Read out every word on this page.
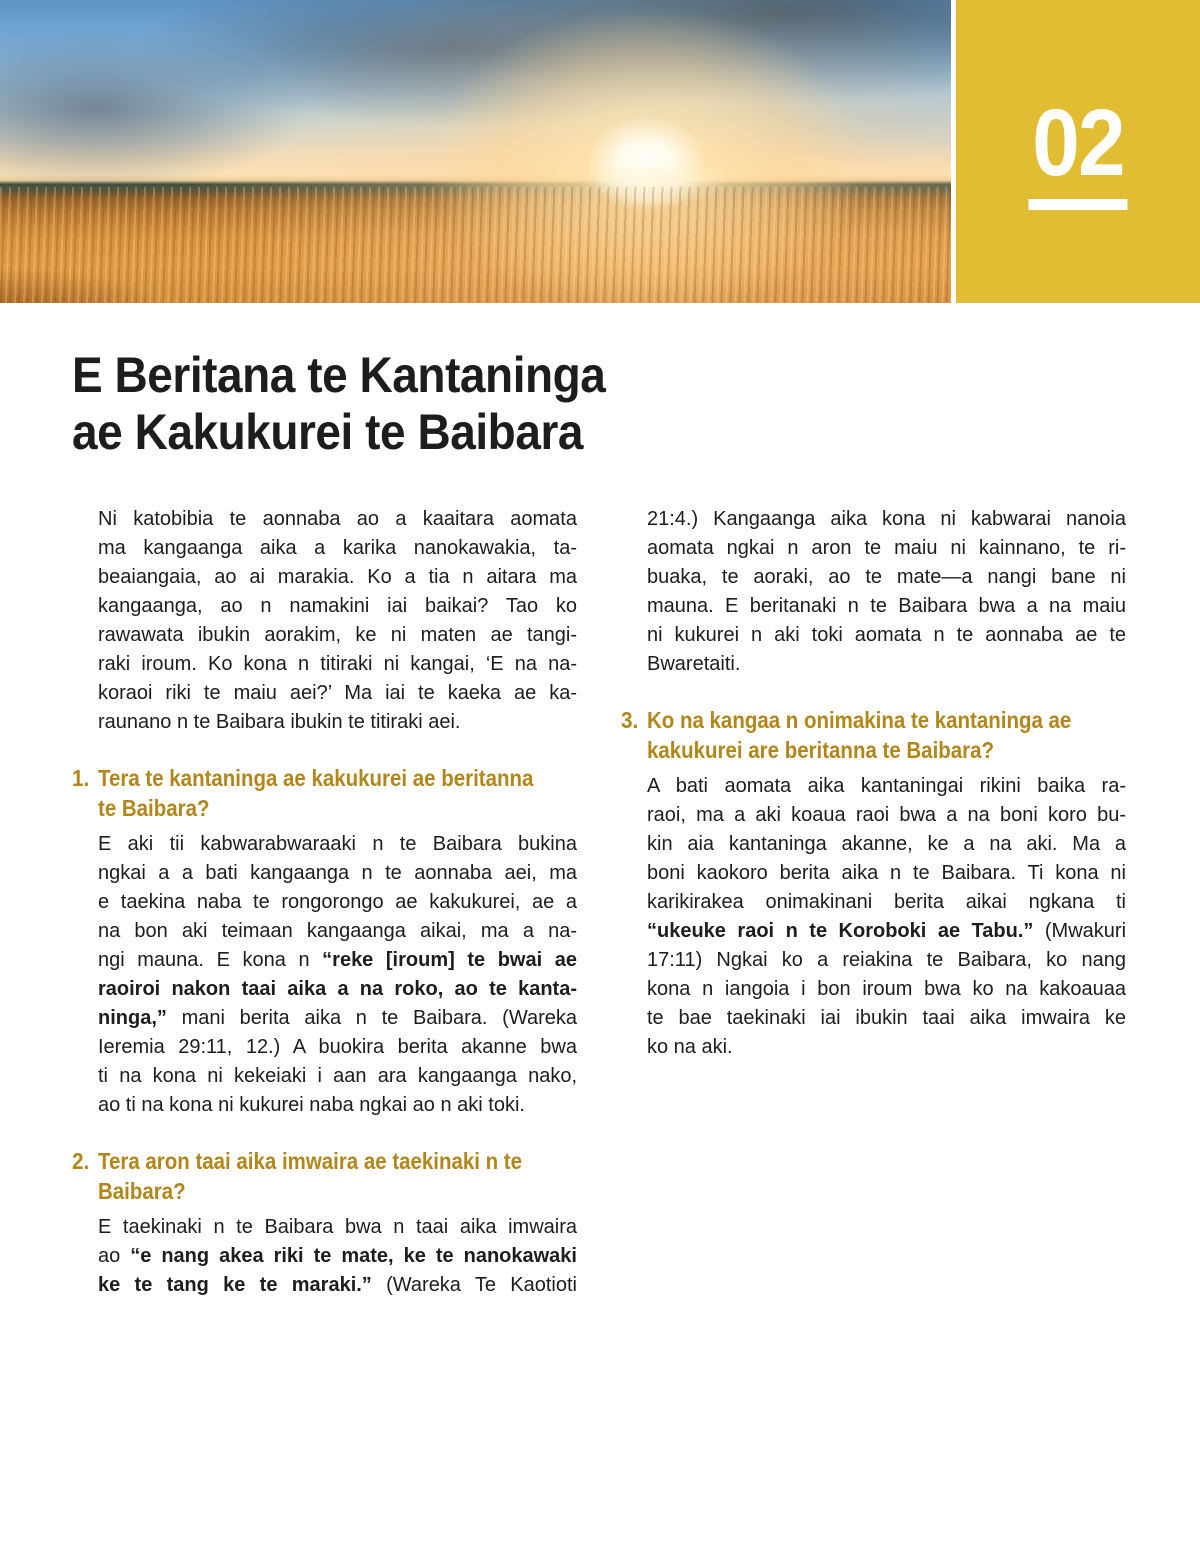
02
E Beritana te Kantaninga
ae Kakukurei te Baibara
Ni katobibia te aonnaba ao a kaaitara aomata
ma kangaanga aika a karika nanokawakia, ta-
beaiangaia, ao ai marakia. Ko a tia n aitara ma
kangaanga, ao n namakini iai baikai? Tao ko
rawawata ibukin aorakim, ke ni maten ae tangi-
raki iroum. Ko kona n titiraki ni kangai, ‘E na na-
koraoi riki te maiu aei?’ Ma iai te kaeka ae ka-
raunano n te Baibara ibukin te titiraki aei.
1. Tera te kantaninga ae kakukurei ae beritanna
te Baibara?
E aki tii kabwarabwaraaki n te Baibara bukina
ngkai a a bati kangaanga n te aonnaba aei, ma
e taekina naba te rongorongo ae kakukurei, ae a
na bon aki teimaan kangaanga aikai, ma a na-
ngi mauna. E kona n “reke [iroum] te bwai ae
raoiroi nakon taai aika a na roko, ao te kanta-
ninga,” mani berita aika n te Baibara. (Wareka
Ieremia 29:11, 12.) A buokira berita akanne bwa
ti na kona ni kekeiaki i aan ara kangaanga nako,
ao ti na kona ni kukurei naba ngkai ao n aki toki.
2. Tera aron taai aika imwaira ae taekinaki n te
Baibara?
E taekinaki n te Baibara bwa n taai aika imwaira
ao “e nang akea riki te mate, ke te nanokawaki
ke te tang ke te maraki.” (Wareka Te Kaotioti
21:4.) Kangaanga aika kona ni kabwarai nanoia
aomata ngkai n aron te maiu ni kainnano, te ri-
buaka, te aoraki, ao te mate—a nangi bane ni
mauna. E beritanaki n te Baibara bwa a na maiu
ni kukurei n aki toki aomata n te aonnaba ae te
Bwaretaiti.
3. Ko na kangaa n onimakina te kantaninga ae
kakukurei are beritanna te Baibara?
A bati aomata aika kantaningai rikini baika ra-
raoi, ma a aki koaua raoi bwa a na boni koro bu-
kin aia kantaninga akanne, ke a na aki. Ma a
boni kaokoro berita aika n te Baibara. Ti kona ni
karikirakea onimakinani berita aikai ngkana ti
“ukeuke raoi n te Koroboki ae Tabu.” (Mwakuri
17:11) Ngkai ko a reiakina te Baibara, ko nang
kona n iangoia i bon iroum bwa ko na kakoauaa
te bae taekinaki iai ibukin taai aika imwaira ke
ko na aki.
